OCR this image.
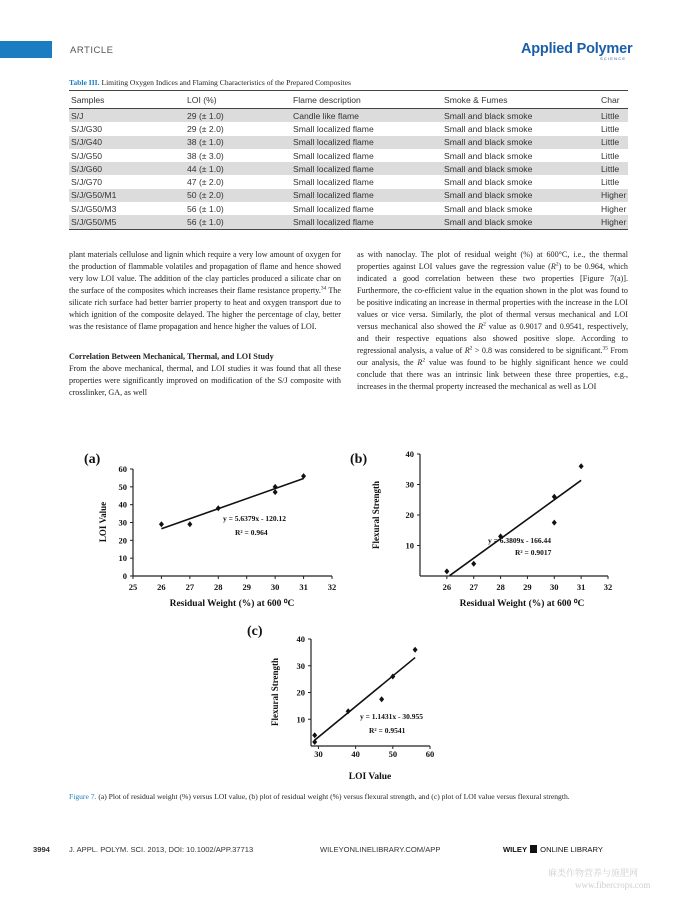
ARTICLE	Applied Polymer
SCIENCE
Table III. Limiting Oxygen Indices and Flaming Characteristics of the Prepared Composites
Samples	LOI (%)	Flame description	Smoke & Fumes	Char
S/J	29 (± 1.0)	Candle like flame	Small and black smoke	Little
S/J/G30	29 (± 2.0)	Small localized flame	Small and black smoke	Little
S/J/G40	38 (± 1.0)	Small localized flame	Small and black smoke	Little
S/J/G50	38 (± 3.0)	Small localized flame	Small and black smoke	Little
S/J/G60	44 (± 1.0)	Small localized flame	Small and black smoke	Little
S/J/G70	47 (± 2.0)	Small localized flame	Small and black smoke	Little
S/J/G50/M1	50 (± 2.0)	Small localized flame	Small and black smoke	Higher
S/J/G50/M3	56 (± 1.0)	Small localized flame	Small and black smoke	Higher
S/J/G50/M5	56 (± 1.0)	Small localized flame	Small and black smoke	Higher

plant materials cellulose and lignin which require a very low amount of oxygen for the production of flammable volatiles and propagation of flame and hence showed very low LOI value. The addition of the clay particles produced a silicate char on the surface of the composites which increases their flame resistance property.$^{34}$ The silicate rich surface had better barrier property to heat and oxygen transport due to which ignition of the composite delayed. The higher the percentage of clay, better was the resistance of flame propagation and hence higher the values of LOI.

Correlation Between Mechanical, Thermal, and LOI Study

From the above mechanical, thermal, and LOI studies it was found that all these properties were significantly improved on modification of the S/J composite with crosslinker, GA, as well

as with nanoclay. The plot of residual weight (%) at 600°C, i.e., the thermal properties against LOI values gave the regression value $(R^2)$ to be 0.964, which indicated a good correlation between these two properties [Figure 7(a)]. Furthermore, the co-efficient value in the equation shown in the plot was found to be positive indicating an increase in thermal properties with the increase in the LOI values or vice versa. Similarly, the plot of thermal versus mechanical and LOI versus mechanical also showed the $R^2$ value as 0.9017 and 0.9541, respectively, and their respective equations also showed positive slope. According to regressional analysis, a value of $R^2 > 0.8$ was considered to be significant.$^{35}$ From our analysis, the $R^2$ value was found to be highly significant hence we could conclude that there was an intrinsic link between these three properties, e.g., increases in the thermal property increased the mechanical as well as LOI

25 26 27 28 29 30 31 32
0
10
20
30
40
50
60
(a)
y = 5.6379x - 120.12
R² = 0.964
Residual Weight (%) at 600 ⁰C
LOI Value
26 27 28 29 30 31 32
10
20
30
40
(b)
y = 6.3809x - 166.44
R² = 0.9017
Residual Weight (%) at 600 ⁰C
Flexural Strength
30	40	50	60
10
20
30
40
(c)
y = 1.1431x - 30.955
R² = 0.9541
LOI Value
Flexural Strength
Figure 7. (a) Plot of residual weight (%) versus LOI value, (b) plot of residual weight (%) versus flexural strength, and (c) plot of LOI value versus flexural strength.
3994	J. APPL. POLYM. SCI. 2013, DOI: 10.1002/APP.37713	WILEYONLINELIBRARY.COM/APP	WILEY ONLINE LIBRARY
麻类作物营养与施肥网
www.fibercrops.com
